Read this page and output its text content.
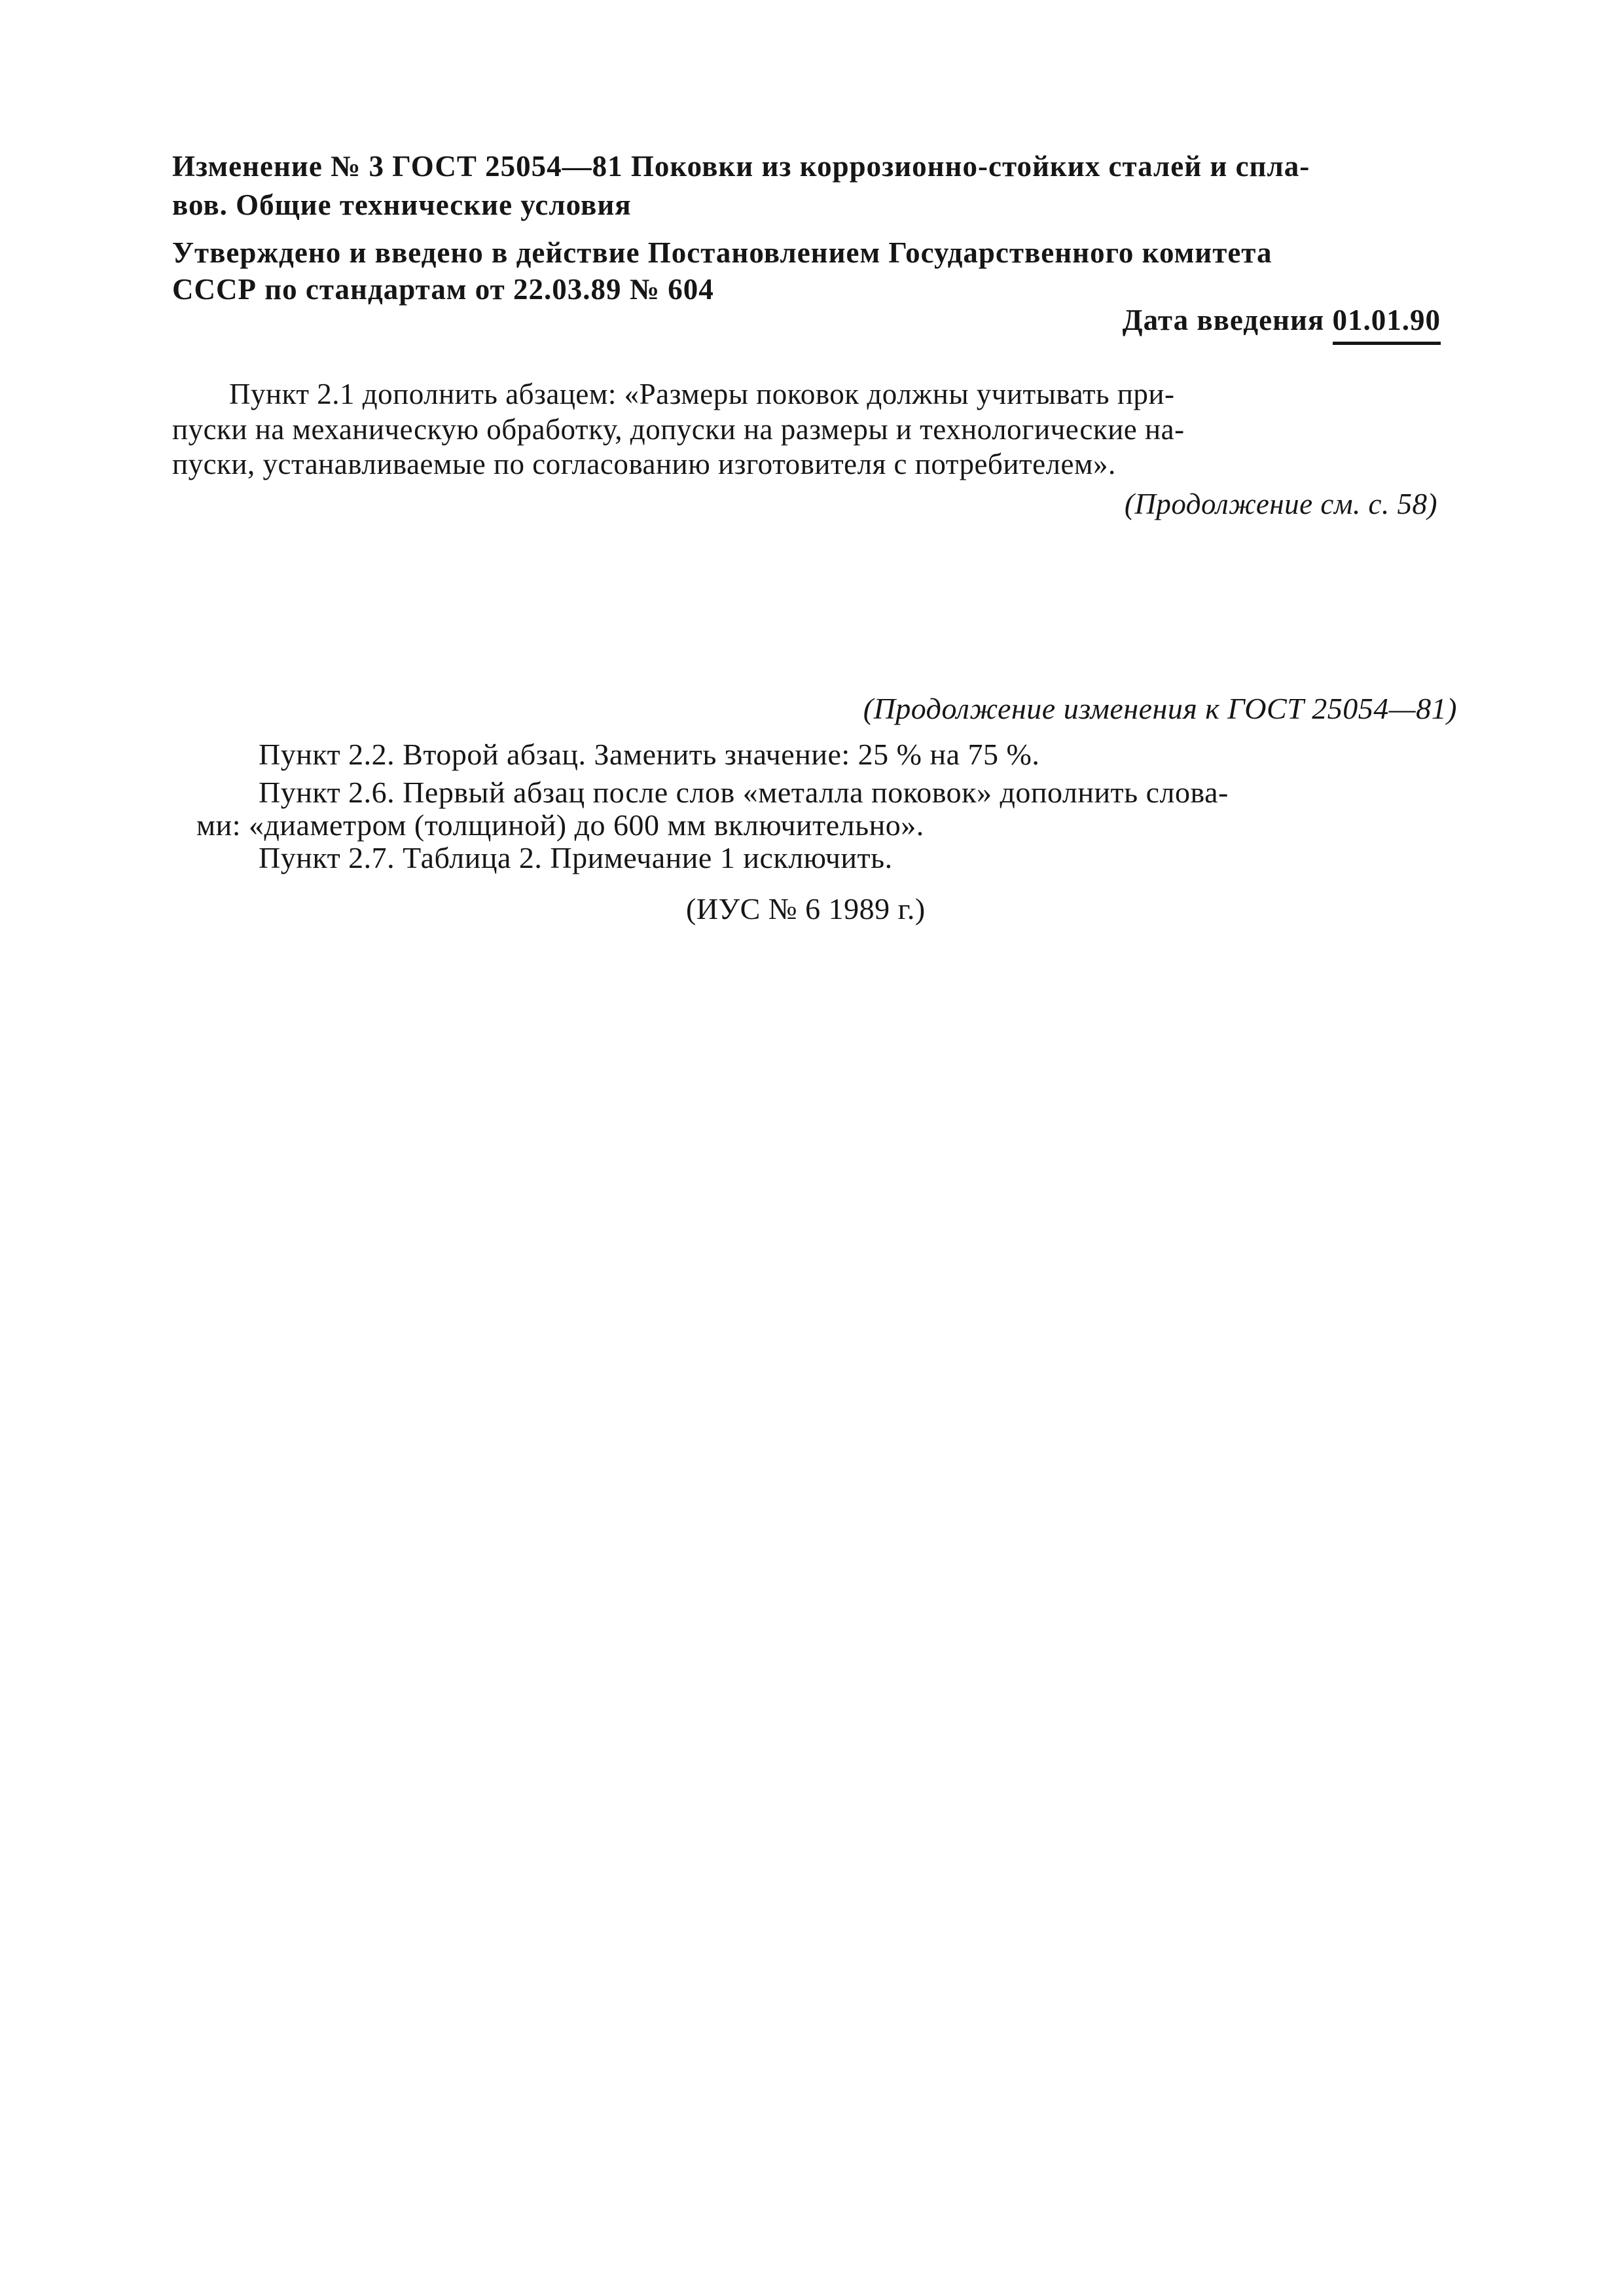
Изменение № 3 ГОСТ 25054—81 Поковки из коррозионно-стойких сталей и спла-
вов. Общие технические условия
Утверждено и введено в действие Постановлением Государственного комитета
СССР по стандартам от 22.03.89 № 604
Дата введения 01.01.90
Пункт 2.1 дополнить абзацем: «Размеры поковок должны учитывать при-
пуски на механическую обработку, допуски на размеры и технологические на-
пуски, устанавливаемые по согласованию изготовителя с потребителем».
(Продолжение см. с. 58)
(Продолжение изменения к ГОСТ 25054—81)
Пункт 2.2. Второй абзац. Заменить значение: 25 % на 75 %.
Пункт 2.6. Первый абзац после слов «металла поковок» дополнить слова-
ми: «диаметром (толщиной) до 600 мм включительно».
Пункт 2.7. Таблица 2. Примечание 1 исключить.
(ИУС № 6 1989 г.)
